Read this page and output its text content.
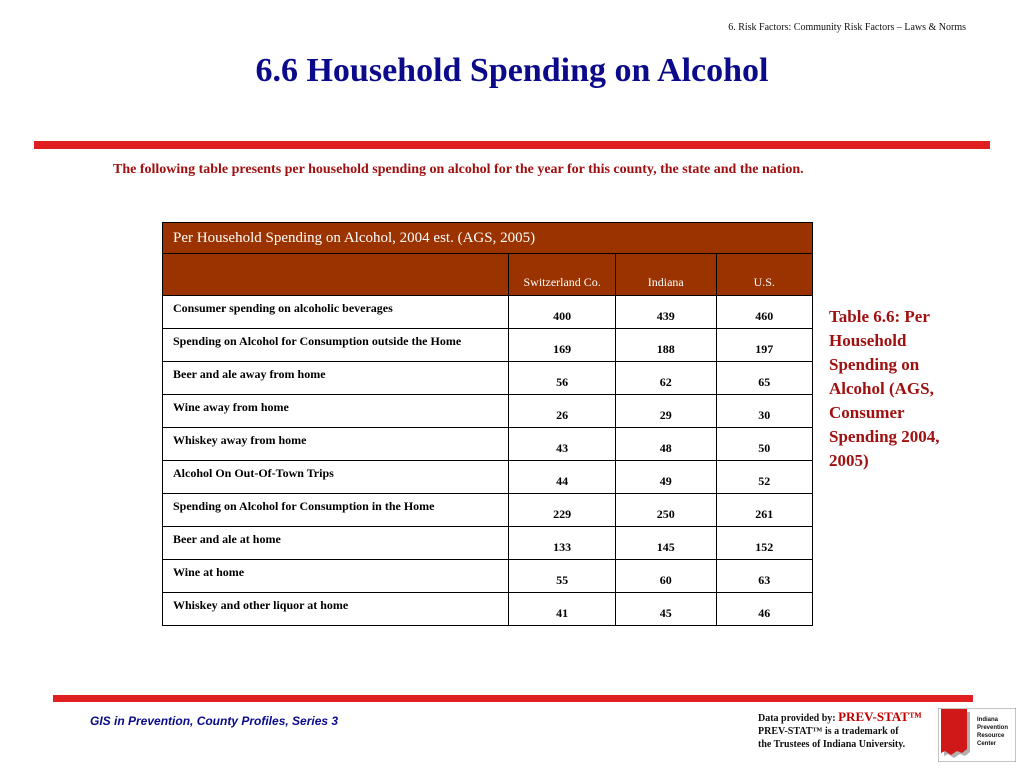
6. Risk Factors: Community Risk Factors – Laws & Norms
6.6 Household Spending on Alcohol
The following table presents per household spending on alcohol for the year for this county, the state and the nation.
Per Household Spending on Alcohol, 2004 est. (AGS, 2005)			
	Switzerland Co.	Indiana	U.S.
Consumer spending on alcoholic beverages	400	439	460
Spending on Alcohol for Consumption outside the Home	169	188	197
Beer and ale away from home	56	62	65
Wine away from home	26	29	30
Whiskey away from home	43	48	50
Alcohol On Out-Of-Town Trips	44	49	52
Spending on Alcohol for Consumption in the Home	229	250	261
Beer and ale at home	133	145	152
Wine at home	55	60	63
Whiskey and other liquor at home	41	45	46
Table 6.6: Per Household Spending on Alcohol (AGS, Consumer Spending 2004, 2005)
GIS in Prevention, County Profiles, Series 3	Data provided by: PREV-STAT™
PREV-STAT™ is a trademark of
the Trustees of Indiana University.
Indiana
Prevention
Resource
Center
